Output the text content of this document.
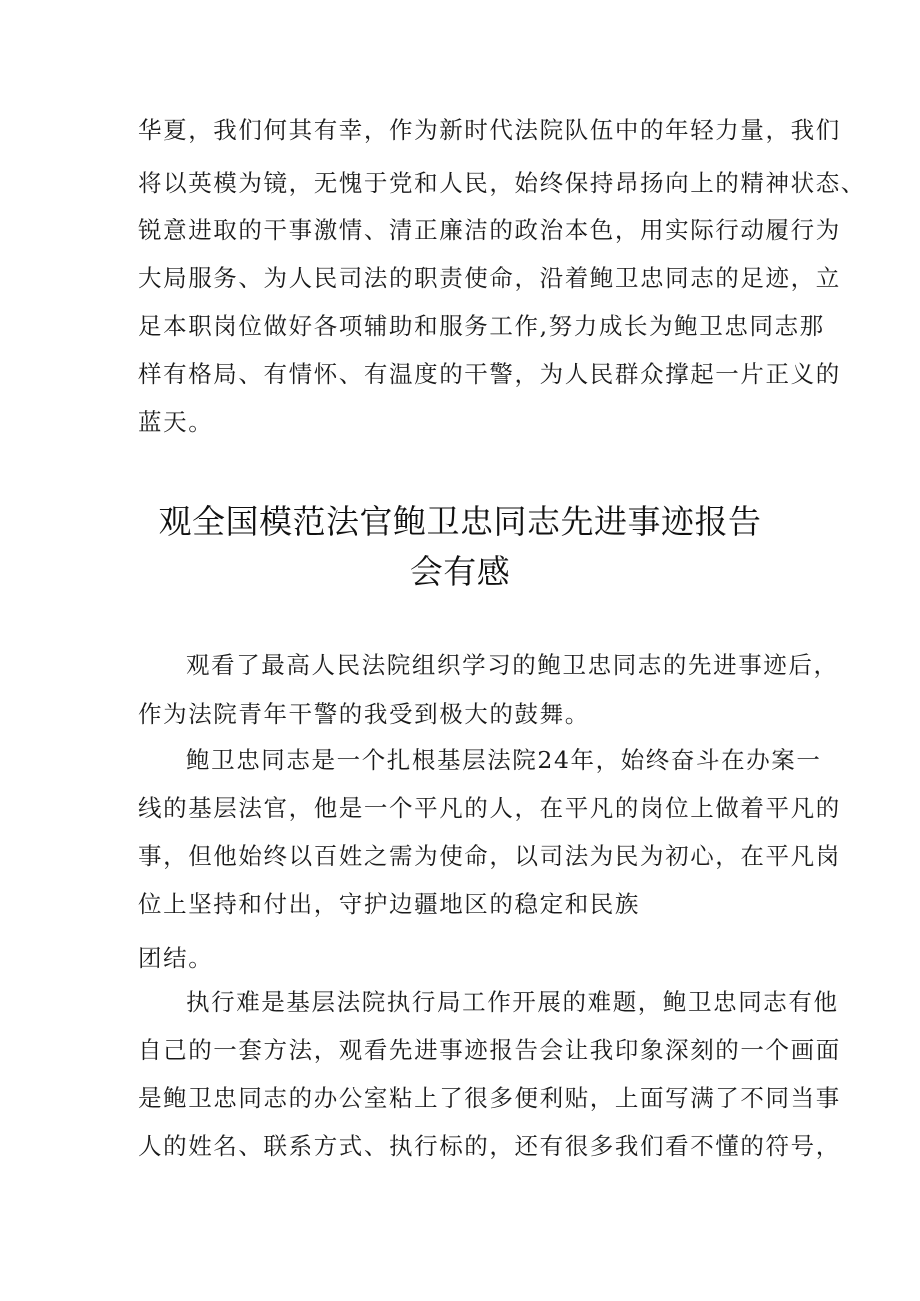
华夏，我们何其有幸，作为新时代法院队伍中的年轻力量，我们
将以英模为镜，无愧于党和人民，始终保持昂扬向上的精神状态、
锐意进取的干事激情、清正廉洁的政治本色，用实际行动履行为
大局服务、为人民司法的职责使命，沿着鲍卫忠同志的足迹，立
足本职岗位做好各项辅助和服务工作,努力成长为鲍卫忠同志那
样有格局、有情怀、有温度的干警，为人民群众撑起一片正义的
蓝天。
观全国模范法官鲍卫忠同志先进事迹报告
会有感
观看了最高人民法院组织学习的鲍卫忠同志的先进事迹后，
作为法院青年干警的我受到极大的鼓舞。
鲍卫忠同志是一个扎根基层法院24年，始终奋斗在办案一
线的基层法官，他是一个平凡的人，在平凡的岗位上做着平凡的
事，但他始终以百姓之需为使命，以司法为民为初心，在平凡岗
位上坚持和付出，守护边疆地区的稳定和民族
团结。
执行难是基层法院执行局工作开展的难题，鲍卫忠同志有他
自己的一套方法，观看先进事迹报告会让我印象深刻的一个画面
是鲍卫忠同志的办公室粘上了很多便利贴，上面写满了不同当事
人的姓名、联系方式、执行标的，还有很多我们看不懂的符号，
